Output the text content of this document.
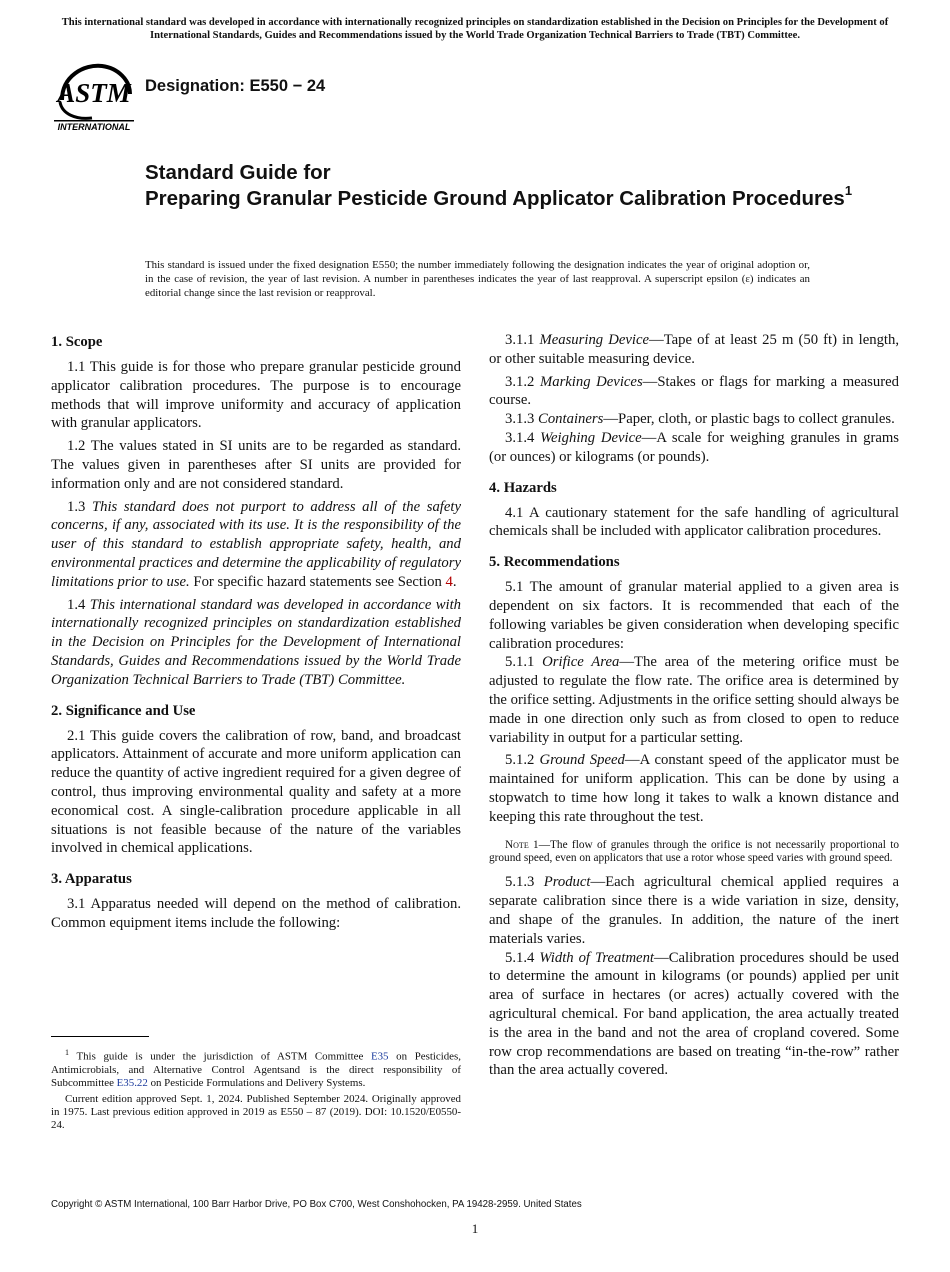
This international standard was developed in accordance with internationally recognized principles on standardization established in the Decision on Principles for the Development of International Standards, Guides and Recommendations issued by the World Trade Organization Technical Barriers to Trade (TBT) Committee.
ASTM
INTERNATIONAL
Designation: E550 − 24
Standard Guide for
Preparing Granular Pesticide Ground Applicator Calibration Procedures$^1$
This standard is issued under the fixed designation E550; the number immediately following the designation indicates the year of original adoption or, in the case of revision, the year of last revision. A number in parentheses indicates the year of last reapproval. A superscript epsilon (ε) indicates an editorial change since the last revision or reapproval.
1. Scope

1.1 This guide is for those who prepare granular pesticide ground applicator calibration procedures. The purpose is to encourage methods that will improve uniformity and accuracy of application with granular applicators.

1.2 The values stated in SI units are to be regarded as standard. The values given in parentheses after SI units are provided for information only and are not considered standard.

1.3 This standard does not purport to address all of the safety concerns, if any, associated with its use. It is the responsibility of the user of this standard to establish appropriate safety, health, and environmental practices and determine the applicability of regulatory limitations prior to use. For specific hazard statements see Section 4.

1.4 This international standard was developed in accordance with internationally recognized principles on standardization established in the Decision on Principles for the Development of International Standards, Guides and Recommendations issued by the World Trade Organization Technical Barriers to Trade (TBT) Committee.

2. Significance and Use

2.1 This guide covers the calibration of row, band, and broadcast applicators. Attainment of accurate and more uniform application can reduce the quantity of active ingredient required for a given degree of control, thus improving environmental quality and safety at a more economical cost. A single-calibration procedure applicable in all situations is not feasible because of the nature of the variables involved in chemical applications.

3. Apparatus

3.1 Apparatus needed will depend on the method of calibration. Common equipment items include the following:

3.1.1 Measuring Device—Tape of at least 25 m (50 ft) in length, or other suitable measuring device.

3.1.2 Marking Devices—Stakes or flags for marking a measured course.

3.1.3 Containers—Paper, cloth, or plastic bags to collect granules.

3.1.4 Weighing Device—A scale for weighing granules in grams (or ounces) or kilograms (or pounds).

4. Hazards

4.1 A cautionary statement for the safe handling of agricultural chemicals shall be included with applicator calibration procedures.

5. Recommendations

5.1 The amount of granular material applied to a given area is dependent on six factors. It is recommended that each of the following variables be given consideration when developing specific calibration procedures:

5.1.1 Orifice Area—The area of the metering orifice must be adjusted to regulate the flow rate. The orifice area is determined by the orifice setting. Adjustments in the orifice setting should always be made in one direction only such as from closed to open to reduce variability in output for a particular setting.

5.1.2 Ground Speed—A constant speed of the applicator must be maintained for uniform application. This can be done by using a stopwatch to time how long it takes to walk a known distance and keeping this rate throughout the test.

Note 1—The flow of granules through the orifice is not necessarily proportional to ground speed, even on applicators that use a rotor whose speed varies with ground speed.

5.1.3 Product—Each agricultural chemical applied requires a separate calibration since there is a wide variation in size, density, and shape of the granules. In addition, the nature of the inert materials varies.

5.1.4 Width of Treatment—Calibration procedures should be used to determine the amount in kilograms (or pounds) applied per unit area of surface in hectares (or acres) actually covered with the agricultural chemical. For band application, the area actually treated is the area in the band and not the area of cropland covered. Some row crop recommendations are based on treating “in-the-row” rather than the area actually covered.

$^1$ This guide is under the jurisdiction of ASTM Committee E35 on Pesticides, Antimicrobials, and Alternative Control Agentsand is the direct responsibility of Subcommittee E35.22 on Pesticide Formulations and Delivery Systems.

Current edition approved Sept. 1, 2024. Published September 2024. Originally approved in 1975. Last previous edition approved in 2019 as E550 – 87 (2019). DOI: 10.1520/E0550-24.

Copyright © ASTM International, 100 Barr Harbor Drive, PO Box C700, West Conshohocken, PA 19428-2959. United States
1
